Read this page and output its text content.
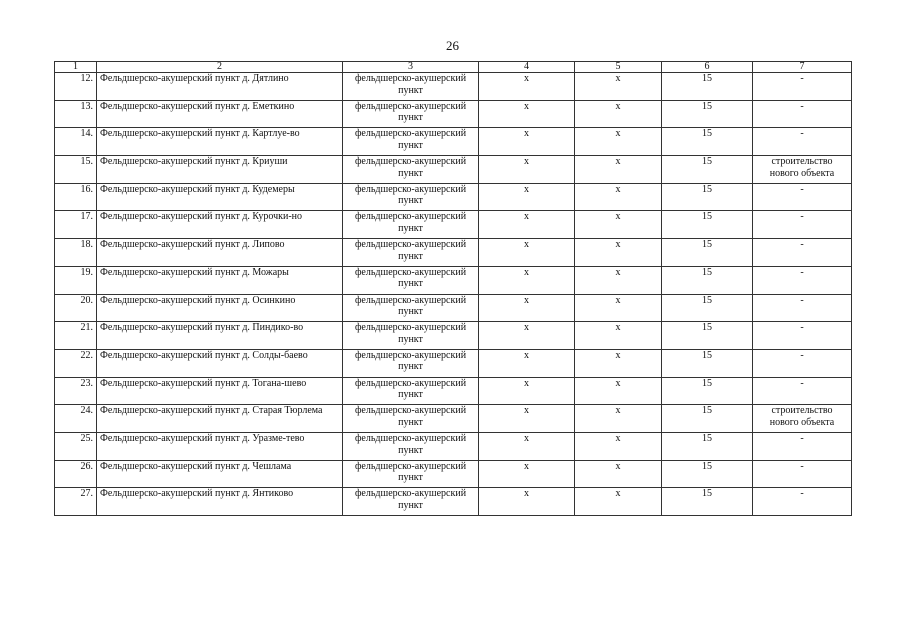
26
1	2	3	4	5	6	7
12.	Фельдшерско-акушерский пункт д. Дятлино	фельдшерско-акушерский пункт	x	x	15	-
13.	Фельдшерско-акушерский пункт д. Еметкино	фельдшерско-акушерский пункт	x	x	15	-
14.	Фельдшерско-акушерский пункт д. Картлуе-во	фельдшерско-акушерский пункт	x	x	15	-
15.	Фельдшерско-акушерский пункт д. Криуши	фельдшерско-акушерский пункт	x	x	15	строительство нового объекта
16.	Фельдшерско-акушерский пункт д. Кудемеры	фельдшерско-акушерский пункт	x	x	15	-
17.	Фельдшерско-акушерский пункт д. Курочки-но	фельдшерско-акушерский пункт	x	x	15	-
18.	Фельдшерско-акушерский пункт д. Липово	фельдшерско-акушерский пункт	x	x	15	-
19.	Фельдшерско-акушерский пункт д. Можары	фельдшерско-акушерский пункт	x	x	15	-
20.	Фельдшерско-акушерский пункт д. Осинкино	фельдшерско-акушерский пункт	x	x	15	-
21.	Фельдшерско-акушерский пункт д. Пиндико-во	фельдшерско-акушерский пункт	x	x	15	-
22.	Фельдшерско-акушерский пункт д. Солды-баево	фельдшерско-акушерский пункт	x	x	15	-
23.	Фельдшерско-акушерский пункт д. Тогана-шево	фельдшерско-акушерский пункт	x	x	15	-
24.	Фельдшерско-акушерский пункт д. Старая Тюрлема	фельдшерско-акушерский пункт	x	x	15	строительство нового объекта
25.	Фельдшерско-акушерский пункт д. Уразме-тево	фельдшерско-акушерский пункт	x	x	15	-
26.	Фельдшерско-акушерский пункт д. Чешлама	фельдшерско-акушерский пункт	x	x	15	-
27.	Фельдшерско-акушерский пункт д. Янтиково	фельдшерско-акушерский пункт	x	x	15	-
